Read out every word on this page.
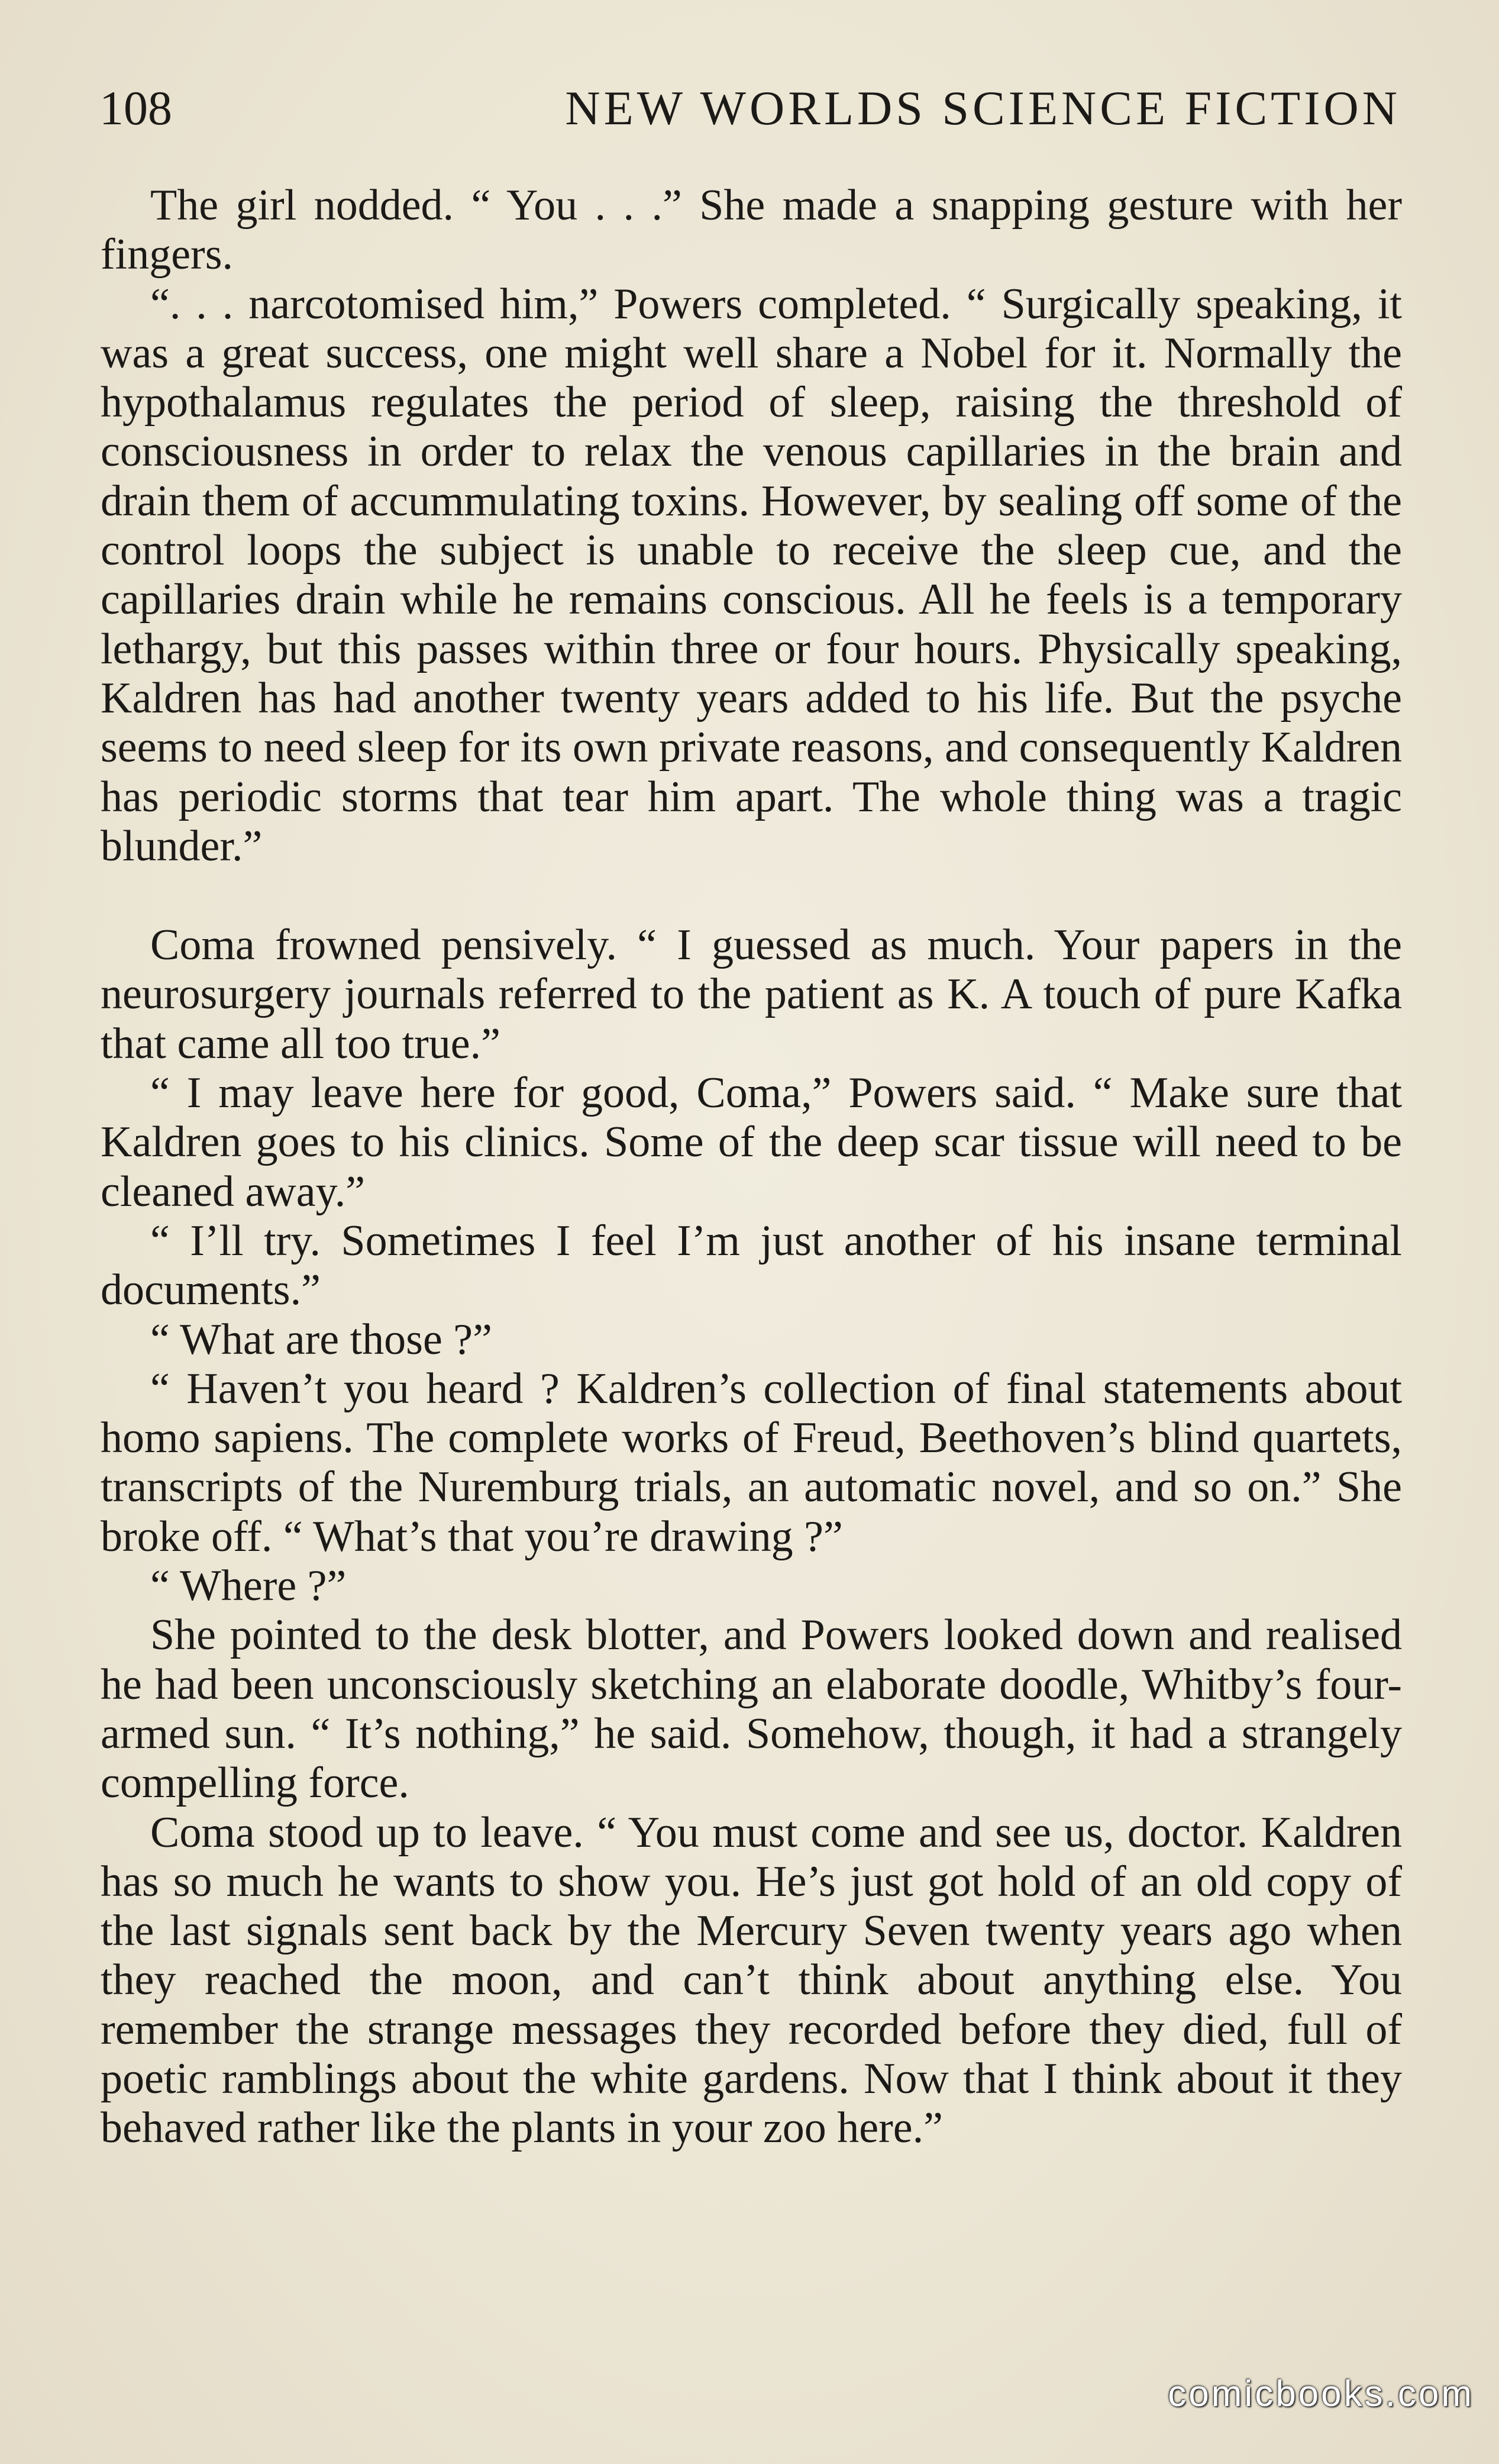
108	NEW WORLDS SCIENCE FICTION

The girl nodded. “ You . . .” She made a snapping gesture with her fingers.

“. . . narcotomised him,” Powers completed. “ Surgically speaking, it was a great success, one might well share a Nobel for it. Normally the hypothalamus regulates the period of sleep, raising the threshold of consciousness in order to relax the venous capillaries in the brain and drain them of accummulating toxins. However, by sealing off some of the control loops the subject is unable to receive the sleep cue, and the capillaries drain while he remains conscious. All he feels is a temporary lethargy, but this passes within three or four hours. Physically speaking, Kaldren has had another twenty years added to his life. But the psyche seems to need sleep for its own private reasons, and consequently Kaldren has periodic storms that tear him apart. The whole thing was a tragic blunder.”

Coma frowned pensively. “ I guessed as much. Your papers in the neurosurgery journals referred to the patient as K. A touch of pure Kafka that came all too true.”

“ I may leave here for good, Coma,” Powers said. “ Make sure that Kaldren goes to his clinics. Some of the deep scar tissue will need to be cleaned away.”

“ I’ll try. Sometimes I feel I’m just another of his insane terminal documents.”

“ What are those ?”

“ Haven’t you heard ? Kaldren’s collection of final statements about homo sapiens. The complete works of Freud, Beethoven’s blind quartets, transcripts of the Nuremburg trials, an automatic novel, and so on.” She broke off. “ What’s that you’re drawing ?”

“ Where ?”

She pointed to the desk blotter, and Powers looked down and realised he had been unconsciously sketching an elaborate doodle, Whitby’s four-armed sun. “ It’s nothing,” he said. Somehow, though, it had a strangely compelling force.

Coma stood up to leave. “ You must come and see us, doctor. Kaldren has so much he wants to show you. He’s just got hold of an old copy of the last signals sent back by the Mercury Seven twenty years ago when they reached the moon, and can’t think about anything else. You remember the strange messages they recorded before they died, full of poetic ramblings about the white gardens. Now that I think about it they behaved rather like the plants in your zoo here.”

comicbooks.com
